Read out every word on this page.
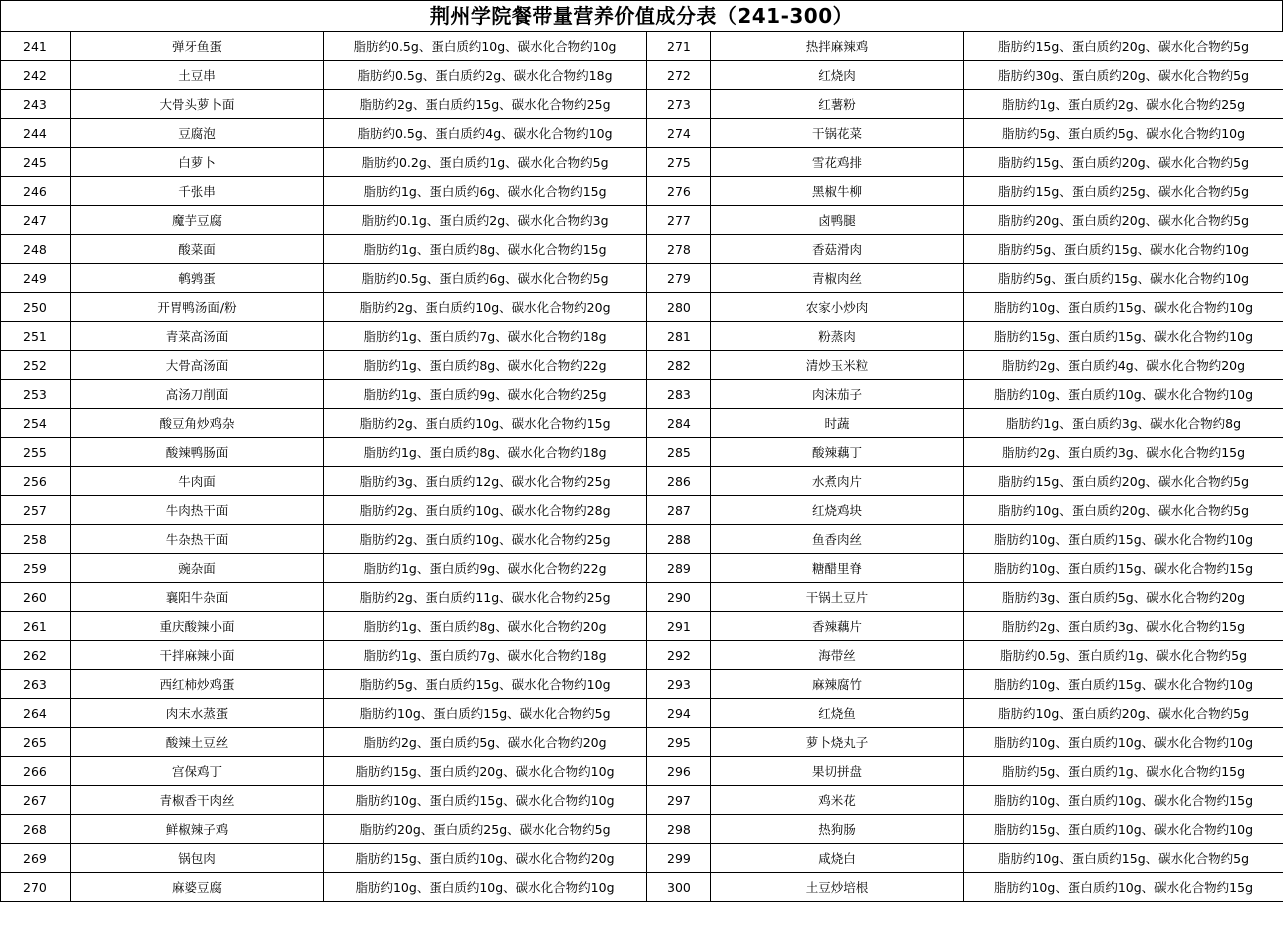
荆州学院餐带量营养价值成分表（241-300）
241	弹牙鱼蛋	脂肪约0.5g、蛋白质约10g、碳水化合物约10g	271	热拌麻辣鸡	脂肪约15g、蛋白质约20g、碳水化合物约5g
242	土豆串	脂肪约0.5g、蛋白质约2g、碳水化合物约18g	272	红烧肉	脂肪约30g、蛋白质约20g、碳水化合物约5g
243	大骨头萝卜面	脂肪约2g、蛋白质约15g、碳水化合物约25g	273	红薯粉	脂肪约1g、蛋白质约2g、碳水化合物约25g
244	豆腐泡	脂肪约0.5g、蛋白质约4g、碳水化合物约10g	274	干锅花菜	脂肪约5g、蛋白质约5g、碳水化合物约10g
245	白萝卜	脂肪约0.2g、蛋白质约1g、碳水化合物约5g	275	雪花鸡排	脂肪约15g、蛋白质约20g、碳水化合物约5g
246	千张串	脂肪约1g、蛋白质约6g、碳水化合物约15g	276	黑椒牛柳	脂肪约15g、蛋白质约25g、碳水化合物约5g
247	魔芋豆腐	脂肪约0.1g、蛋白质约2g、碳水化合物约3g	277	卤鸭腿	脂肪约20g、蛋白质约20g、碳水化合物约5g
248	酸菜面	脂肪约1g、蛋白质约8g、碳水化合物约15g	278	香菇滑肉	脂肪约5g、蛋白质约15g、碳水化合物约10g
249	鹌鹑蛋	脂肪约0.5g、蛋白质约6g、碳水化合物约5g	279	青椒肉丝	脂肪约5g、蛋白质约15g、碳水化合物约10g
250	开胃鸭汤面/粉	脂肪约2g、蛋白质约10g、碳水化合物约20g	280	农家小炒肉	脂肪约10g、蛋白质约15g、碳水化合物约10g
251	青菜高汤面	脂肪约1g、蛋白质约7g、碳水化合物约18g	281	粉蒸肉	脂肪约15g、蛋白质约15g、碳水化合物约10g
252	大骨高汤面	脂肪约1g、蛋白质约8g、碳水化合物约22g	282	清炒玉米粒	脂肪约2g、蛋白质约4g、碳水化合物约20g
253	高汤刀削面	脂肪约1g、蛋白质约9g、碳水化合物约25g	283	肉沫茄子	脂肪约10g、蛋白质约10g、碳水化合物约10g
254	酸豆角炒鸡杂	脂肪约2g、蛋白质约10g、碳水化合物约15g	284	时蔬	脂肪约1g、蛋白质约3g、碳水化合物约8g
255	酸辣鸭肠面	脂肪约1g、蛋白质约8g、碳水化合物约18g	285	酸辣藕丁	脂肪约2g、蛋白质约3g、碳水化合物约15g
256	牛肉面	脂肪约3g、蛋白质约12g、碳水化合物约25g	286	水煮肉片	脂肪约15g、蛋白质约20g、碳水化合物约5g
257	牛肉热干面	脂肪约2g、蛋白质约10g、碳水化合物约28g	287	红烧鸡块	脂肪约10g、蛋白质约20g、碳水化合物约5g
258	牛杂热干面	脂肪约2g、蛋白质约10g、碳水化合物约25g	288	鱼香肉丝	脂肪约10g、蛋白质约15g、碳水化合物约10g
259	豌杂面	脂肪约1g、蛋白质约9g、碳水化合物约22g	289	糖醋里脊	脂肪约10g、蛋白质约15g、碳水化合物约15g
260	襄阳牛杂面	脂肪约2g、蛋白质约11g、碳水化合物约25g	290	干锅土豆片	脂肪约3g、蛋白质约5g、碳水化合物约20g
261	重庆酸辣小面	脂肪约1g、蛋白质约8g、碳水化合物约20g	291	香辣藕片	脂肪约2g、蛋白质约3g、碳水化合物约15g
262	干拌麻辣小面	脂肪约1g、蛋白质约7g、碳水化合物约18g	292	海带丝	脂肪约0.5g、蛋白质约1g、碳水化合物约5g
263	西红柿炒鸡蛋	脂肪约5g、蛋白质约15g、碳水化合物约10g	293	麻辣腐竹	脂肪约10g、蛋白质约15g、碳水化合物约10g
264	肉末水蒸蛋	脂肪约10g、蛋白质约15g、碳水化合物约5g	294	红烧鱼	脂肪约10g、蛋白质约20g、碳水化合物约5g
265	酸辣土豆丝	脂肪约2g、蛋白质约5g、碳水化合物约20g	295	萝卜烧丸子	脂肪约10g、蛋白质约10g、碳水化合物约10g
266	宫保鸡丁	脂肪约15g、蛋白质约20g、碳水化合物约10g	296	果切拼盘	脂肪约5g、蛋白质约1g、碳水化合物约15g
267	青椒香干肉丝	脂肪约10g、蛋白质约15g、碳水化合物约10g	297	鸡米花	脂肪约10g、蛋白质约10g、碳水化合物约15g
268	鲜椒辣子鸡	脂肪约20g、蛋白质约25g、碳水化合物约5g	298	热狗肠	脂肪约15g、蛋白质约10g、碳水化合物约10g
269	锅包肉	脂肪约15g、蛋白质约10g、碳水化合物约20g	299	咸烧白	脂肪约10g、蛋白质约15g、碳水化合物约5g
270	麻婆豆腐	脂肪约10g、蛋白质约10g、碳水化合物约10g	300	土豆炒培根	脂肪约10g、蛋白质约10g、碳水化合物约15g
